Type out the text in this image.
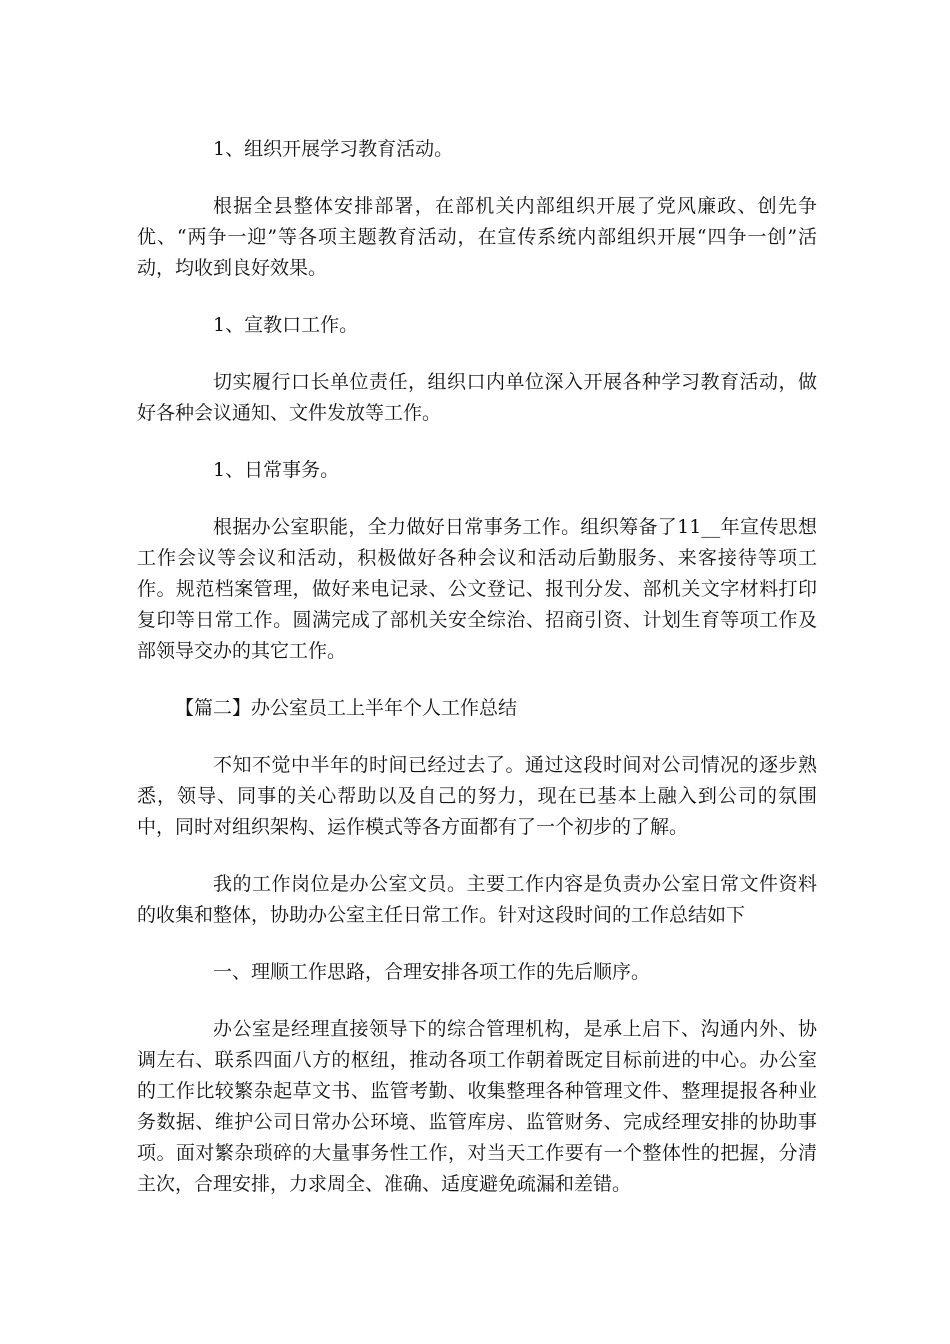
1、组织开展学习教育活动。

根据全县整体安排部署，在部机关内部组织开展了党风廉政、创先争优、“两争一迎”等各项主题教育活动，在宣传系统内部组织开展“四争一创”活动，均收到良好效果。

1、宣教口工作。

切实履行口长单位责任，组织口内单位深入开展各种学习教育活动，做好各种会议通知、文件发放等工作。

1、日常事务。

根据办公室职能，全力做好日常事务工作。组织筹备了11__年宣传思想工作会议等会议和活动，积极做好各种会议和活动后勤服务、来客接待等项工作。规范档案管理，做好来电记录、公文登记、报刊分发、部机关文字材料打印复印等日常工作。圆满完成了部机关安全综治、招商引资、计划生育等项工作及部领导交办的其它工作。

【篇二】办公室员工上半年个人工作总结

不知不觉中半年的时间已经过去了。通过这段时间对公司情况的逐步熟悉，领导、同事的关心帮助以及自己的努力，现在已基本上融入到公司的氛围中，同时对组织架构、运作模式等各方面都有了一个初步的了解。

我的工作岗位是办公室文员。主要工作内容是负责办公室日常文件资料的收集和整体，协助办公室主任日常工作。针对这段时间的工作总结如下

一、理顺工作思路，合理安排各项工作的先后顺序。

办公室是经理直接领导下的综合管理机构，是承上启下、沟通内外、协调左右、联系四面八方的枢纽，推动各项工作朝着既定目标前进的中心。办公室的工作比较繁杂起草文书、监管考勤、收集整理各种管理文件、整理提报各种业务数据、维护公司日常办公环境、监管库房、监管财务、完成经理安排的协助事项。面对繁杂琐碎的大量事务性工作，对当天工作要有一个整体性的把握，分清主次，合理安排，力求周全、准确、适度避免疏漏和差错。
